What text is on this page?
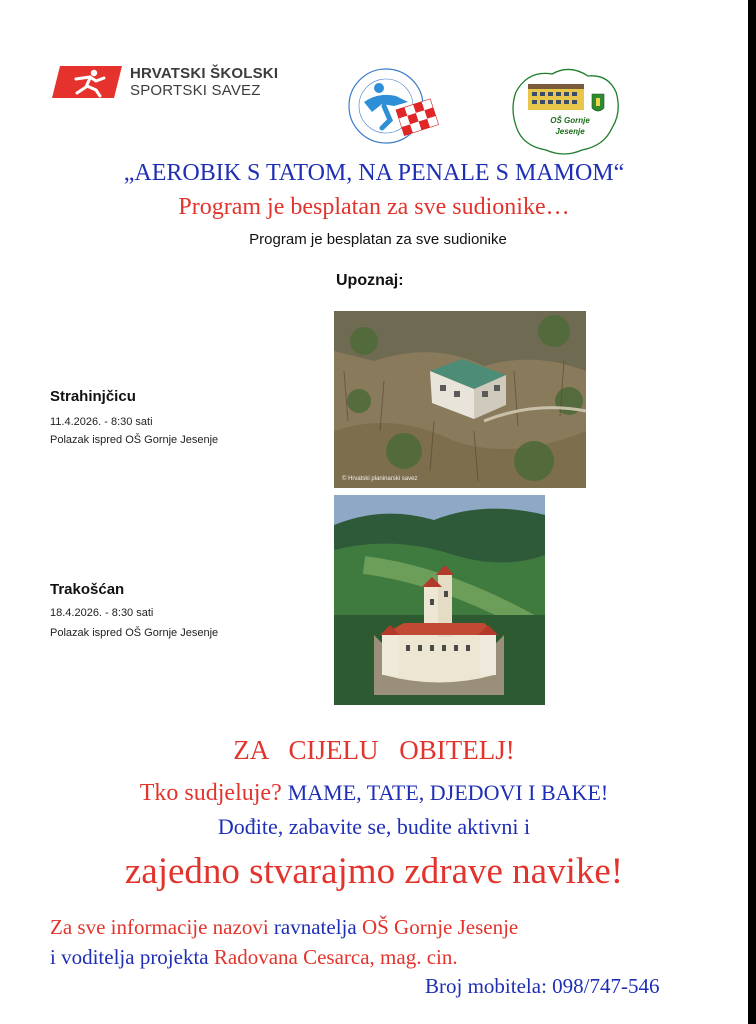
HRVATSKI ŠKOLSKI
SPORTSKI SAVEZ
OŠ Gornje
Jesenje
„AEROBIK S TATOM, NA PENALE S MAMOM“
Program je besplatan za sve sudionike…
Program je besplatan za sve sudionike
Upoznaj:
Strahinjčicu
11.4.2026. - 8:30 sati
Polazak ispred OŠ Gornje Jesenje
© Hrvatski planinarski savez
Trakošćan
18.4.2026. - 8:30 sati
Polazak ispred OŠ Gornje Jesenje
ZA CIJELU OBITELJ!
Tko sudjeluje? MAME, TATE, DJEDOVI I BAKE!
Dođite, zabavite se, budite aktivni i
zajedno stvarajmo zdrave navike!
Za sve informacije nazovi ravnatelja OŠ Gornje Jesenje
i voditelja projekta Radovana Cesarca, mag. cin.
Broj mobitela: 098/747-546
